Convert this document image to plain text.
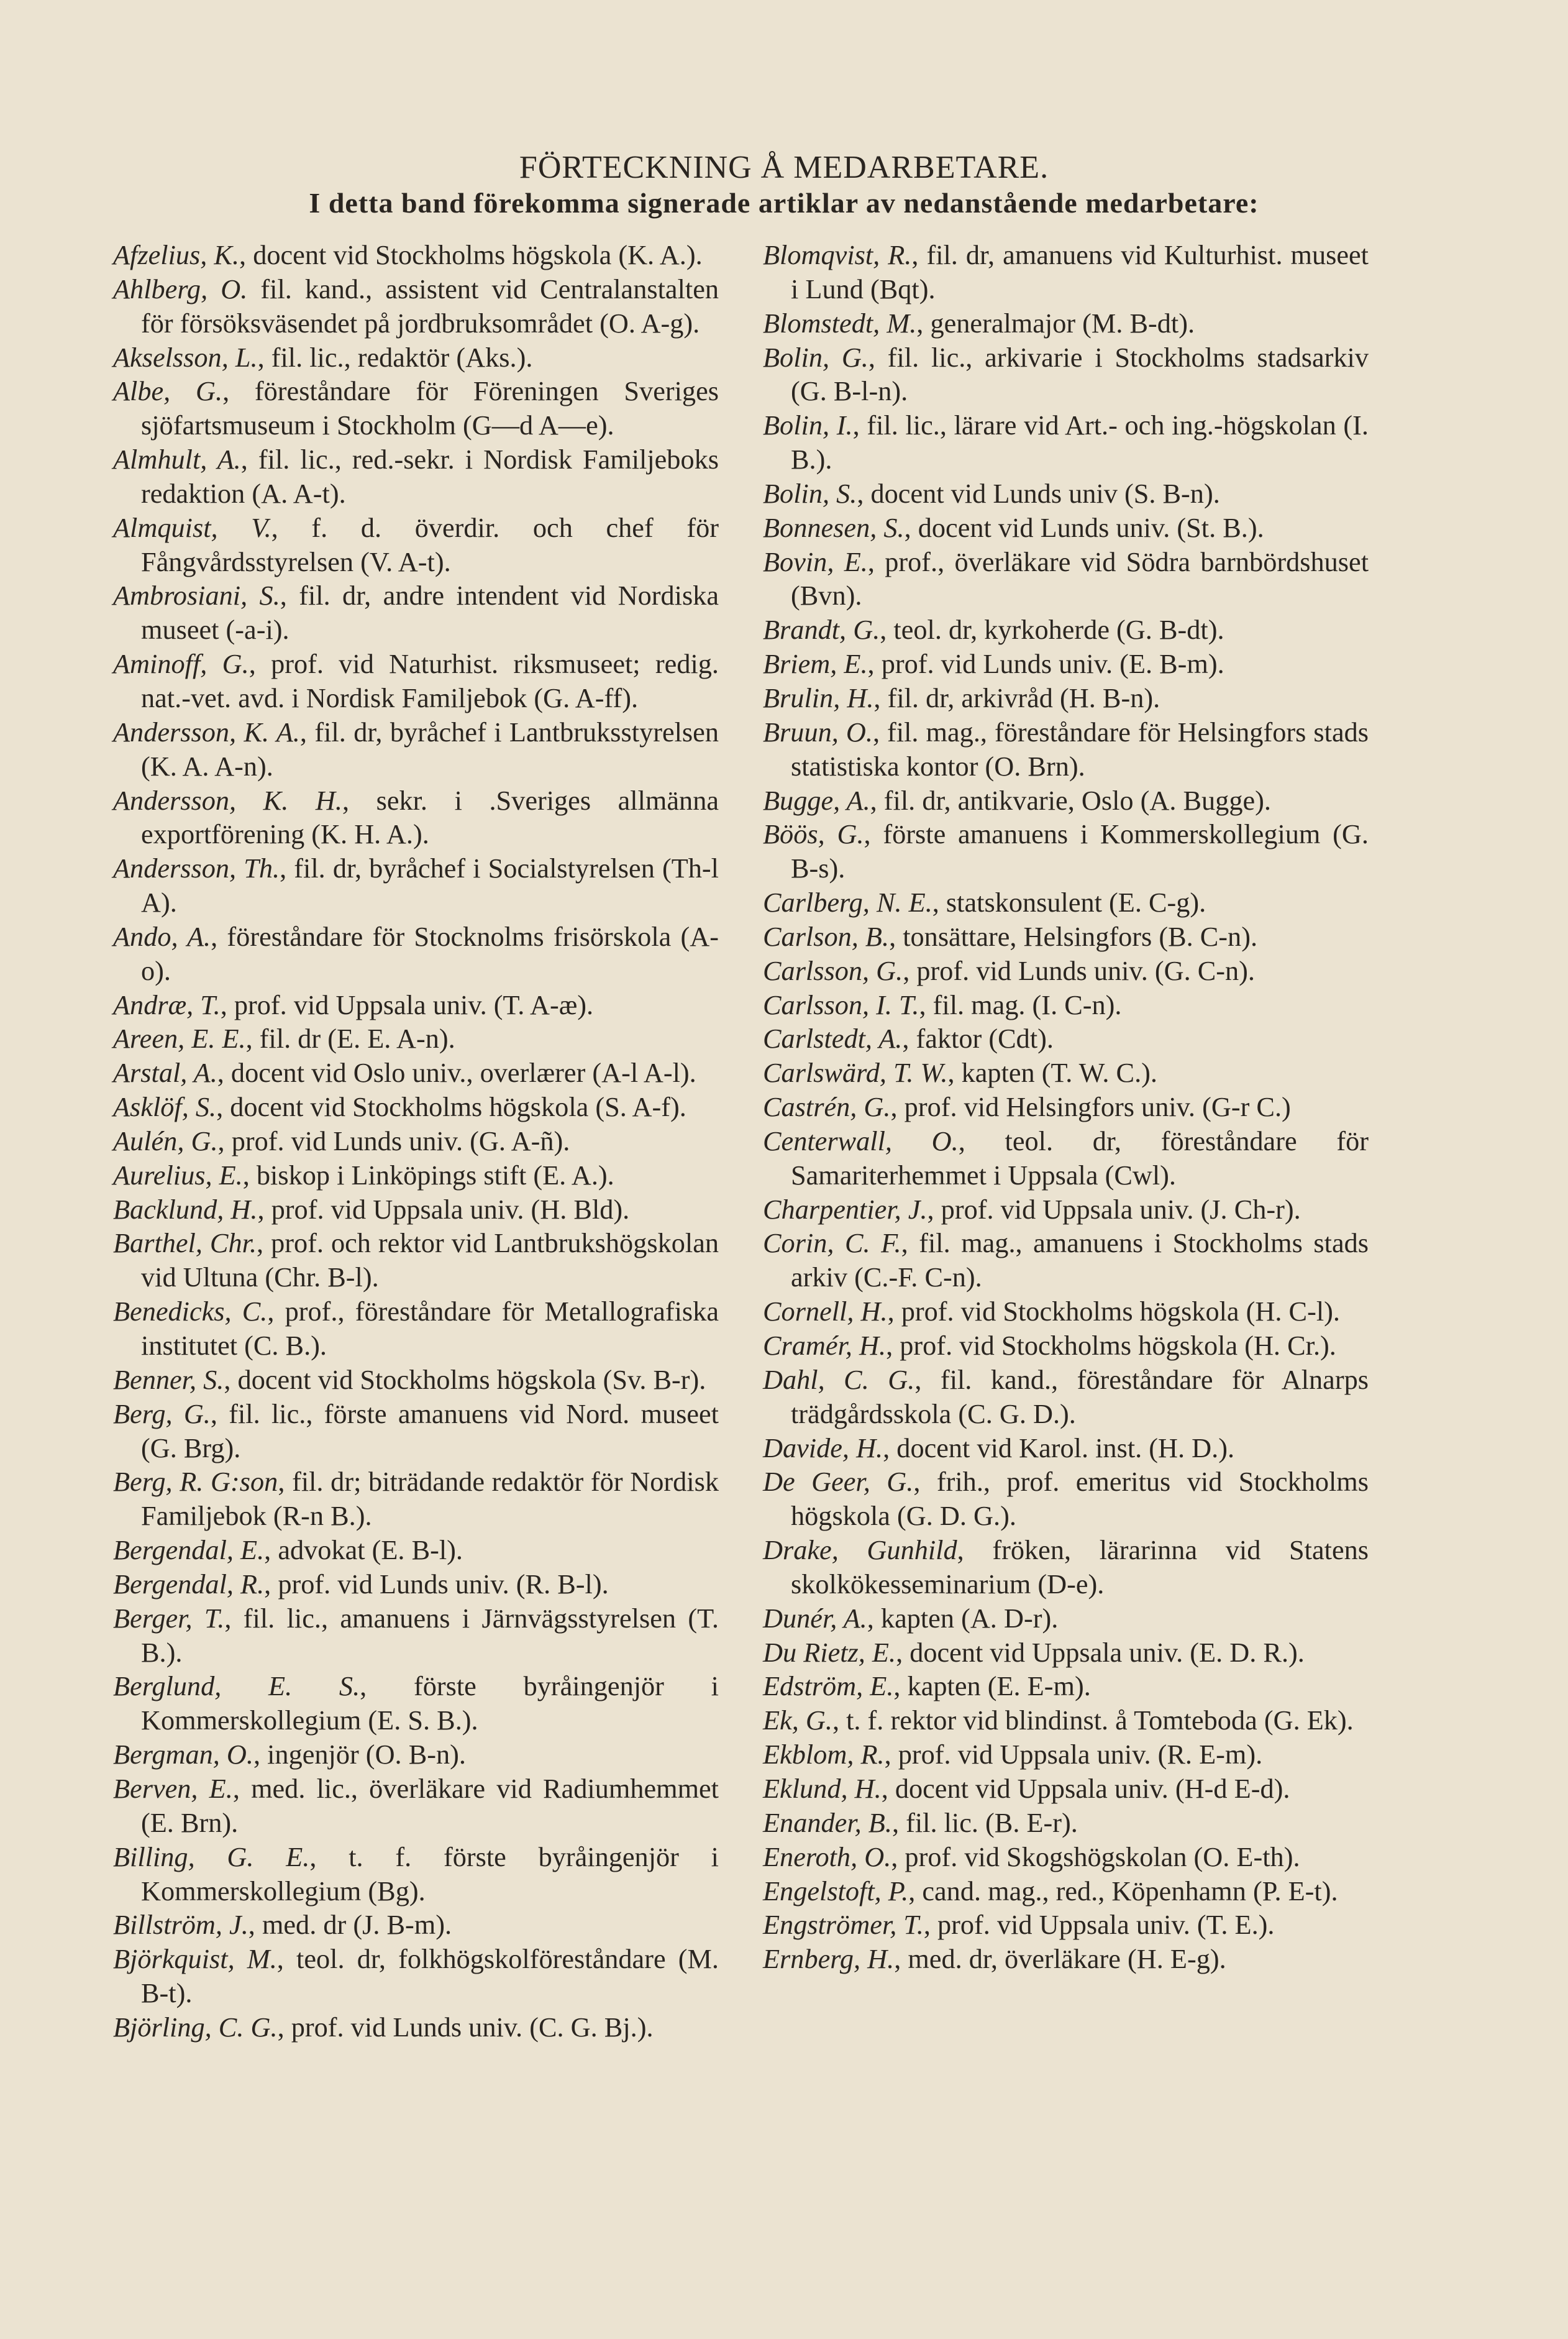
FÖRTECKNING Å MEDARBETARE.
I detta band förekomma signerade artiklar av nedanstående medarbetare:

Afzelius, K., docent vid Stockholms högskola (K. A.).

Ahlberg, O. fil. kand., assistent vid Centralanstalten för försöksväsendet på jordbruksområdet (O. A-g).

Akselsson, L., fil. lic., redaktör (Aks.).

Albe, G., föreståndare för Föreningen Sveriges sjöfartsmuseum i Stockholm (G—d A—e).

Almhult, A., fil. lic., red.-sekr. i Nordisk Familjeboks redaktion (A. A-t).

Almquist, V., f. d. överdir. och chef för Fångvårdsstyrelsen (V. A-t).

Ambrosiani, S., fil. dr, andre intendent vid Nordiska museet (-a-i).

Aminoff, G., prof. vid Naturhist. riksmuseet; redig. nat.-vet. avd. i Nordisk Familjebok (G. A-ff).

Andersson, K. A., fil. dr, byråchef i Lantbruksstyrelsen (K. A. A-n).

Andersson, K. H., sekr. i .Sveriges allmänna exportförening (K. H. A.).

Andersson, Th., fil. dr, byråchef i Socialstyrelsen (Th-l A).

Ando, A., föreståndare för Stocknolms frisörskola (A-o).

Andræ, T., prof. vid Uppsala univ. (T. A-æ).

Areen, E. E., fil. dr (E. E. A-n).

Arstal, A., docent vid Oslo univ., overlærer (A-l A-l).

Asklöf, S., docent vid Stockholms högskola (S. A-f).

Aulén, G., prof. vid Lunds univ. (G. A-ñ).

Aurelius, E., biskop i Linköpings stift (E. A.).

Backlund, H., prof. vid Uppsala univ. (H. Bld).

Barthel, Chr., prof. och rektor vid Lantbrukshögskolan vid Ultuna (Chr. B-l).

Benedicks, C., prof., föreståndare för Metallografiska institutet (C. B.).

Benner, S., docent vid Stockholms högskola (Sv. B-r).

Berg, G., fil. lic., förste amanuens vid Nord. museet (G. Brg).

Berg, R. G:son, fil. dr; biträdande redaktör för Nordisk Familjebok (R-n B.).

Bergendal, E., advokat (E. B-l).

Bergendal, R., prof. vid Lunds univ. (R. B-l).

Berger, T., fil. lic., amanuens i Järnvägsstyrelsen (T. B.).

Berglund, E. S., förste byråingenjör i Kommerskollegium (E. S. B.).

Bergman, O., ingenjör (O. B-n).

Berven, E., med. lic., överläkare vid Radiumhemmet (E. Brn).

Billing, G. E., t. f. förste byråingenjör i Kommerskollegium (Bg).

Billström, J., med. dr (J. B-m).

Björkquist, M., teol. dr, folkhögskolföreståndare (M. B-t).

Björling, C. G., prof. vid Lunds univ. (C. G. Bj.).

Blomqvist, R., fil. dr, amanuens vid Kulturhist. museet i Lund (Bqt).

Blomstedt, M., generalmajor (M. B-dt).

Bolin, G., fil. lic., arkivarie i Stockholms stadsarkiv (G. B-l-n).

Bolin, I., fil. lic., lärare vid Art.- och ing.-högskolan (I. B.).

Bolin, S., docent vid Lunds univ (S. B-n).

Bonnesen, S., docent vid Lunds univ. (St. B.).

Bovin, E., prof., överläkare vid Södra barnbördshuset (Bvn).

Brandt, G., teol. dr, kyrkoherde (G. B-dt).

Briem, E., prof. vid Lunds univ. (E. B-m).

Brulin, H., fil. dr, arkivråd (H. B-n).

Bruun, O., fil. mag., föreståndare för Helsingfors stads statistiska kontor (O. Brn).

Bugge, A., fil. dr, antikvarie, Oslo (A. Bugge).

Böös, G., förste amanuens i Kommerskollegium (G. B-s).

Carlberg, N. E., statskonsulent (E. C-g).

Carlson, B., tonsättare, Helsingfors (B. C-n).

Carlsson, G., prof. vid Lunds univ. (G. C-n).

Carlsson, I. T., fil. mag. (I. C-n).

Carlstedt, A., faktor (Cdt).

Carlswärd, T. W., kapten (T. W. C.).

Castrén, G., prof. vid Helsingfors univ. (G-r C.)

Centerwall, O., teol. dr, föreståndare för Samariterhemmet i Uppsala (Cwl).

Charpentier, J., prof. vid Uppsala univ. (J. Ch-r).

Corin, C. F., fil. mag., amanuens i Stockholms stads arkiv (C.-F. C-n).

Cornell, H., prof. vid Stockholms högskola (H. C-l).

Cramér, H., prof. vid Stockholms högskola (H. Cr.).

Dahl, C. G., fil. kand., föreståndare för Alnarps trädgårdsskola (C. G. D.).

Davide, H., docent vid Karol. inst. (H. D.).

De Geer, G., frih., prof. emeritus vid Stockholms högskola (G. D. G.).

Drake, Gunhild, fröken, lärarinna vid Statens skolkökesseminarium (D-e).

Dunér, A., kapten (A. D-r).

Du Rietz, E., docent vid Uppsala univ. (E. D. R.).

Edström, E., kapten (E. E-m).

Ek, G., t. f. rektor vid blindinst. å Tomteboda (G. Ek).

Ekblom, R., prof. vid Uppsala univ. (R. E-m).

Eklund, H., docent vid Uppsala univ. (H-d E-d).

Enander, B., fil. lic. (B. E-r).

Eneroth, O., prof. vid Skogshögskolan (O. E-th).

Engelstoft, P., cand. mag., red., Köpenhamn (P. E-t).

Engströmer, T., prof. vid Uppsala univ. (T. E.).

Ernberg, H., med. dr, överläkare (H. E-g).
